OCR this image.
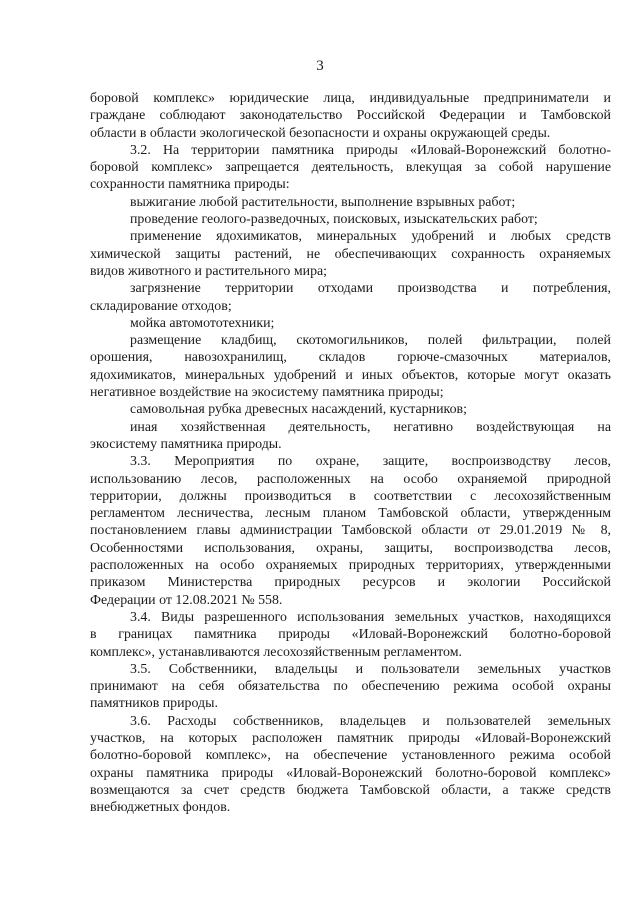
3
боровой комплекс» юридические лица, индивидуальные предприниматели и
граждане соблюдают законодательство Российской Федерации и Тамбовской
области в области экологической безопасности и охраны окружающей среды.
3.2. На территории памятника природы «Иловай-Воронежский болотно-
боровой комплекс» запрещается деятельность, влекущая за собой нарушение
сохранности памятника природы:
выжигание любой растительности, выполнение взрывных работ;
проведение геолого-разведочных, поисковых, изыскательских работ;
применение ядохимикатов, минеральных удобрений и любых средств
химической защиты растений, не обеспечивающих сохранность охраняемых
видов животного и растительного мира;
загрязнение территории отходами производства и потребления,
складирование отходов;
мойка автомототехники;
размещение кладбищ, скотомогильников, полей фильтрации, полей
орошения, навозохранилищ, складов горюче-смазочных материалов,
ядохимикатов, минеральных удобрений и иных объектов, которые могут оказать
негативное воздействие на экосистему памятника природы;
самовольная рубка древесных насаждений, кустарников;
иная хозяйственная деятельность, негативно воздействующая на
экосистему памятника природы.
3.3. Мероприятия по охране, защите, воспроизводству лесов,
использованию лесов, расположенных на особо охраняемой природной
территории, должны производиться в соответствии с лесохозяйственным
регламентом лесничества, лесным планом Тамбовской области, утвержденным
постановлением главы администрации Тамбовской области от 29.01.2019 № 8,
Особенностями использования, охраны, защиты, воспроизводства лесов,
расположенных на особо охраняемых природных территориях, утвержденными
приказом Министерства природных ресурсов и экологии Российской
Федерации от 12.08.2021 № 558.
3.4. Виды разрешенного использования земельных участков, находящихся
в границах памятника природы «Иловай-Воронежский болотно-боровой
комплекс», устанавливаются лесохозяйственным регламентом.
3.5. Собственники, владельцы и пользователи земельных участков
принимают на себя обязательства по обеспечению режима особой охраны
памятников природы.
3.6. Расходы собственников, владельцев и пользователей земельных
участков, на которых расположен памятник природы «Иловай-Воронежский
болотно-боровой комплекс», на обеспечение установленного режима особой
охраны памятника природы «Иловай-Воронежский болотно-боровой комплекс»
возмещаются за счет средств бюджета Тамбовской области, а также средств
внебюджетных фондов.
